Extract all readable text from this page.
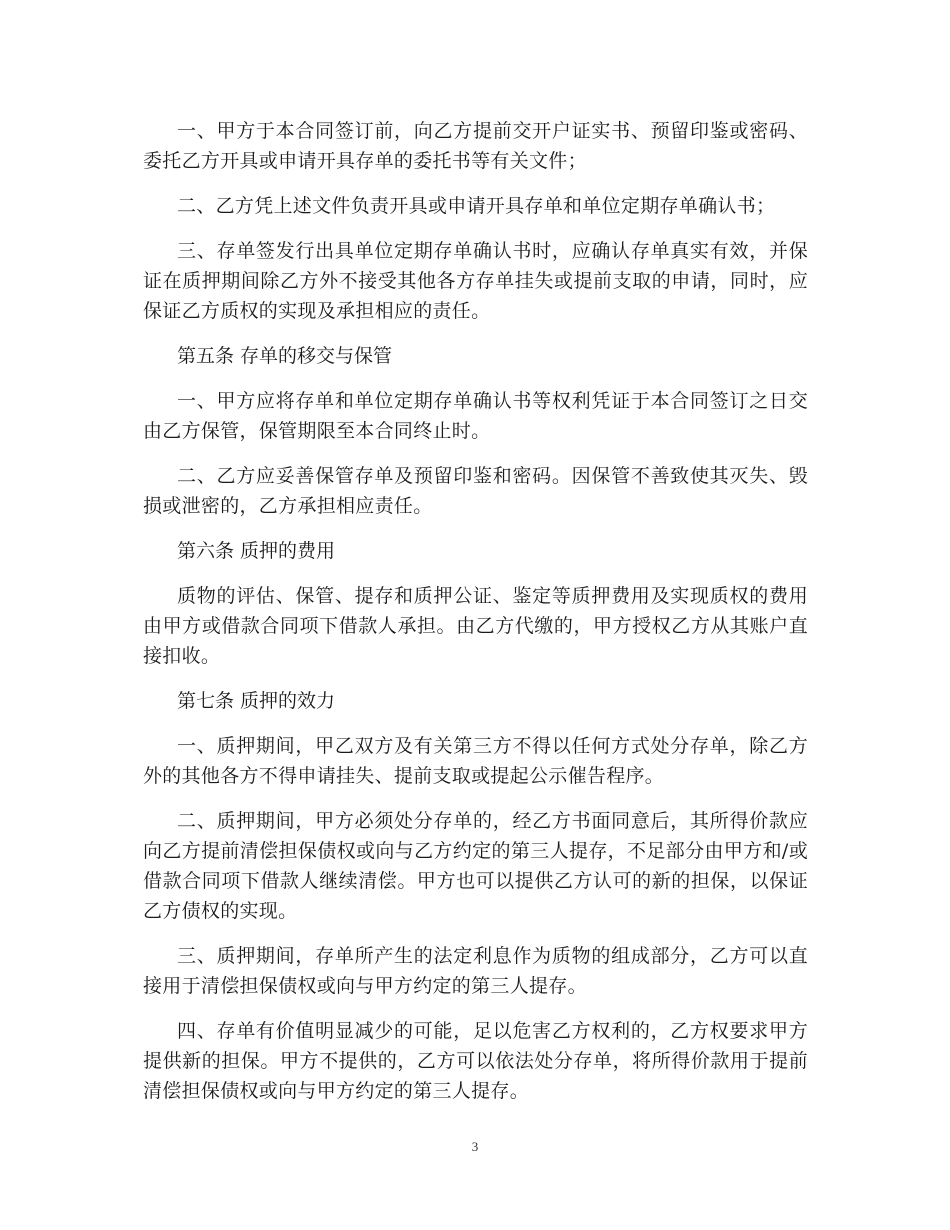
一、甲方于本合同签订前，向乙方提前交开户证实书、预留印鉴或密码、委托乙方开具或申请开具存单的委托书等有关文件；

二、乙方凭上述文件负责开具或申请开具存单和单位定期存单确认书；

三、存单签发行出具单位定期存单确认书时，应确认存单真实有效，并保证在质押期间除乙方外不接受其他各方存单挂失或提前支取的申请，同时，应保证乙方质权的实现及承担相应的责任。

第五条 存单的移交与保管

一、甲方应将存单和单位定期存单确认书等权利凭证于本合同签订之日交由乙方保管，保管期限至本合同终止时。

二、乙方应妥善保管存单及预留印鉴和密码。因保管不善致使其灭失、毁损或泄密的，乙方承担相应责任。

第六条 质押的费用

质物的评估、保管、提存和质押公证、鉴定等质押费用及实现质权的费用由甲方或借款合同项下借款人承担。由乙方代缴的，甲方授权乙方从其账户直接扣收。

第七条 质押的效力

一、质押期间，甲乙双方及有关第三方不得以任何方式处分存单，除乙方外的其他各方不得申请挂失、提前支取或提起公示催告程序。

二、质押期间，甲方必须处分存单的，经乙方书面同意后，其所得价款应向乙方提前清偿担保债权或向与乙方约定的第三人提存，不足部分由甲方和/或借款合同项下借款人继续清偿。甲方也可以提供乙方认可的新的担保，以保证乙方债权的实现。

三、质押期间，存单所产生的法定利息作为质物的组成部分，乙方可以直接用于清偿担保债权或向与甲方约定的第三人提存。

四、存单有价值明显减少的可能，足以危害乙方权利的，乙方权要求甲方提供新的担保。甲方不提供的，乙方可以依法处分存单，将所得价款用于提前清偿担保债权或向与甲方约定的第三人提存。

3
